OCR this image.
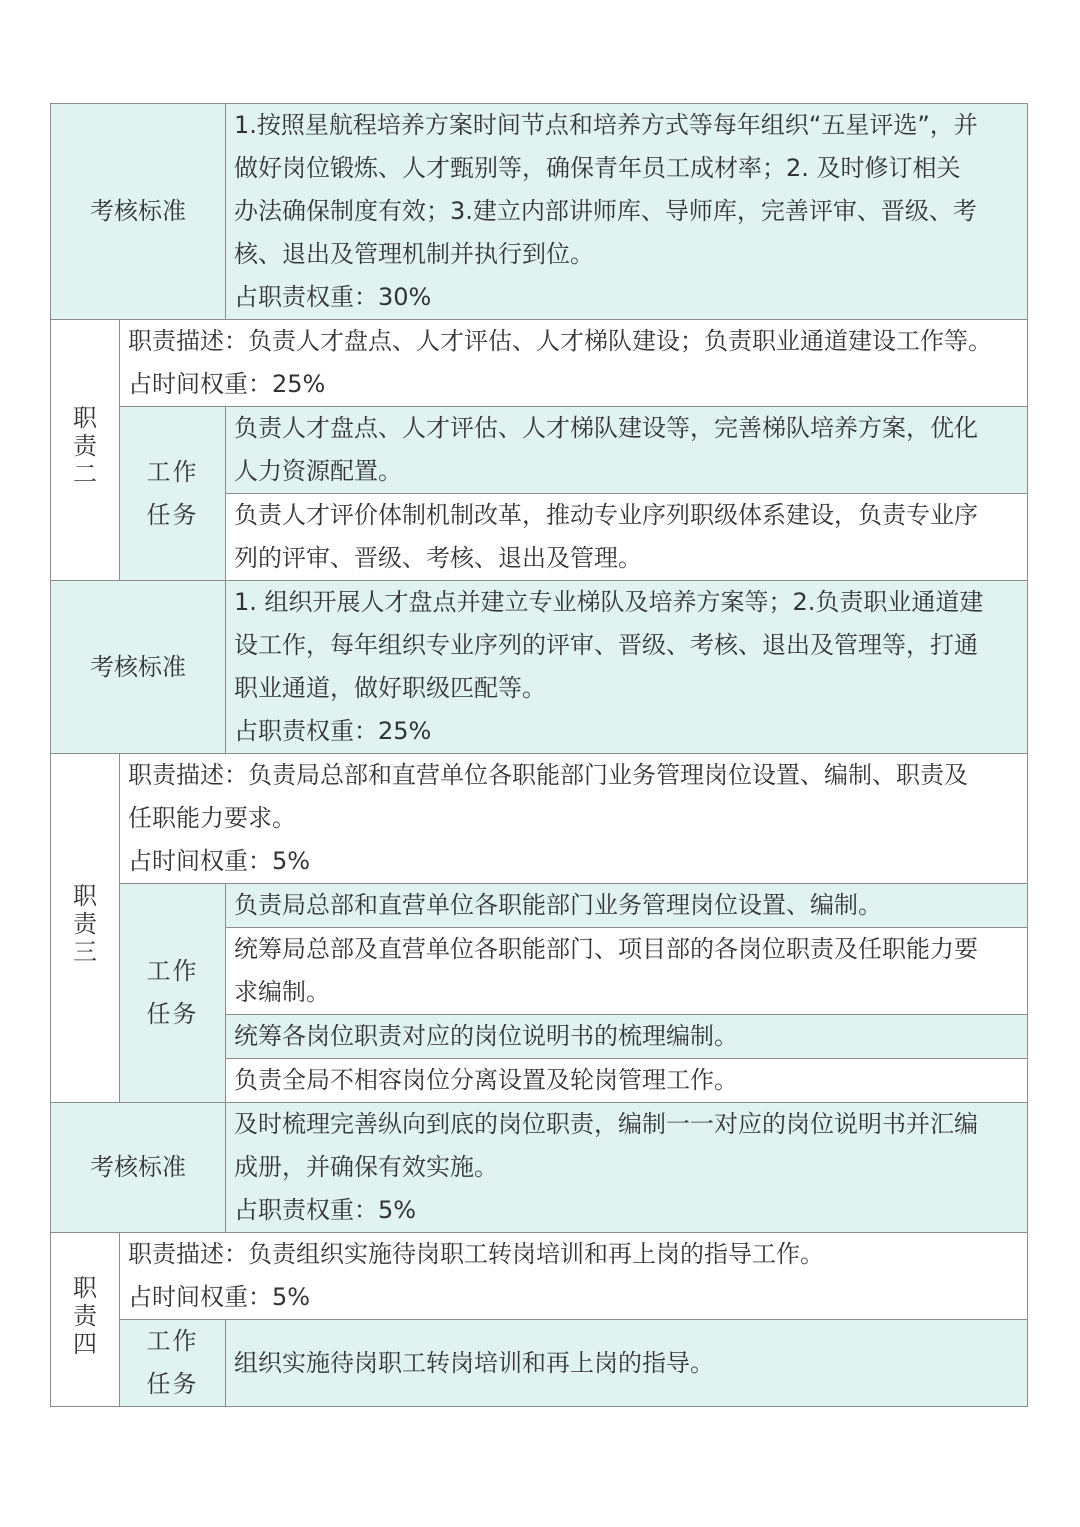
考核标准		1.按照星航程培养方案时间节点和培养方式等每年组织“五星评选”，并
做好岗位锻炼、人才甄别等，确保青年员工成材率；2. 及时修订相关
办法确保制度有效；3.建立内部讲师库、导师库，完善评审、晋级、考
核、退出及管理机制并执行到位。
占职责权重：30%

职责二	职责描述：负责人才盘点、人才评估、人才梯队建设；负责职业通道建设工作等。
占时间权重：25%	

	工作任务	负责人才盘点、人才评估、人才梯队建设等，完善梯队培养方案，优化
人力资源配置。

		负责人才评价体制机制改革，推动专业序列职级体系建设，负责专业序
列的评审、晋级、考核、退出及管理。

考核标准		1. 组织开展人才盘点并建立专业梯队及培养方案等；2.负责职业通道建
设工作，每年组织专业序列的评审、晋级、考核、退出及管理等，打通
职业通道，做好职级匹配等。
占职责权重：25%

职责三	职责描述：负责局总部和直营单位各职能部门业务管理岗位设置、编制、职责及
任职能力要求。
占时间权重：5%	

	工作任务	负责局总部和直营单位各职能部门业务管理岗位设置、编制。

		统筹局总部及直营单位各职能部门、项目部的各岗位职责及任职能力要
求编制。

		统筹各岗位职责对应的岗位说明书的梳理编制。

		负责全局不相容岗位分离设置及轮岗管理工作。

考核标准		及时梳理完善纵向到底的岗位职责，编制一一对应的岗位说明书并汇编
成册，并确保有效实施。
占职责权重：5%

职责四	职责描述：负责组织实施待岗职工转岗培训和再上岗的指导工作。
占时间权重：5%	

	工作任务	组织实施待岗职工转岗培训和再上岗的指导。
